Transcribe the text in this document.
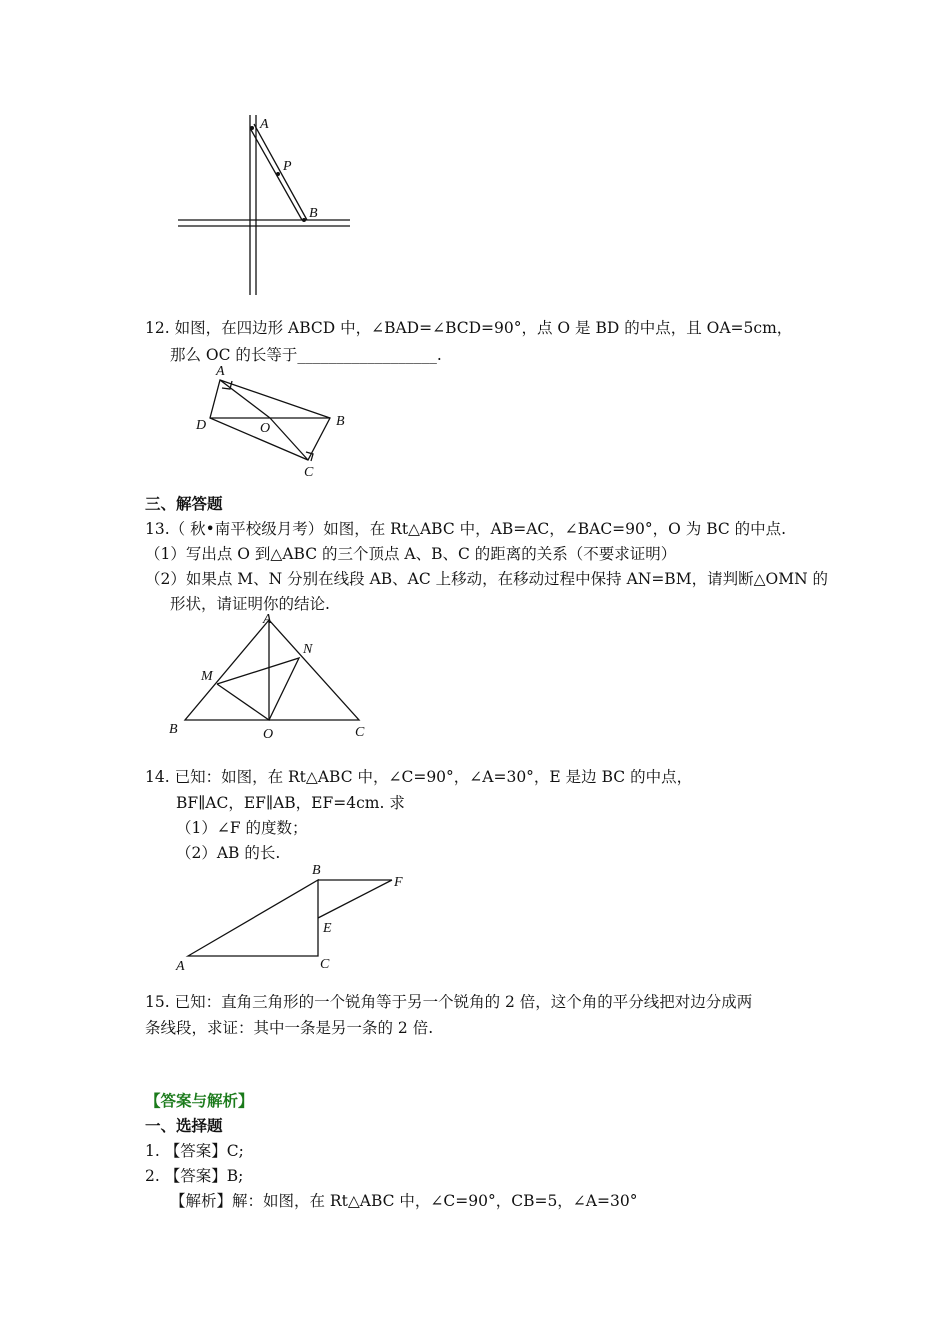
A
P
B
12. 如图，在四边形 ABCD 中，∠BAD=∠BCD=90°，点 O 是 BD 的中点，且 OA=5cm，
那么 OC 的长等于__________________.
A
D	O	B
C
三、解答题
13.（ 秋•南平校级月考）如图，在 Rt△ABC 中，AB=AC，∠BAC=90°，O 为 BC 的中点.
（1）写出点 O 到△ABC 的三个顶点 A、B、C 的距离的关系（不要求证明）
（2）如果点 M、N 分别在线段 AB、AC 上移动，在移动过程中保持 AN=BM，请判断△OMN 的
形状，请证明你的结论.
A
N
M
B	O	C
14. 已知：如图，在 Rt△ABC 中，∠C=90°，∠A=30°，E 是边 BC 的中点，
BF∥AC，EF∥AB，EF=4cm. 求
（1）∠F 的度数；
（2）AB 的长.
B
F
E
A	C
15. 已知：直角三角形的一个锐角等于另一个锐角的 2 倍，这个角的平分线把对边分成两
条线段，求证：其中一条是另一条的 2 倍.
【答案与解析】
一、选择题
1. 【答案】C;
2. 【答案】B;
【解析】解：如图，在 Rt△ABC 中，∠C=90°，CB=5，∠A=30°
